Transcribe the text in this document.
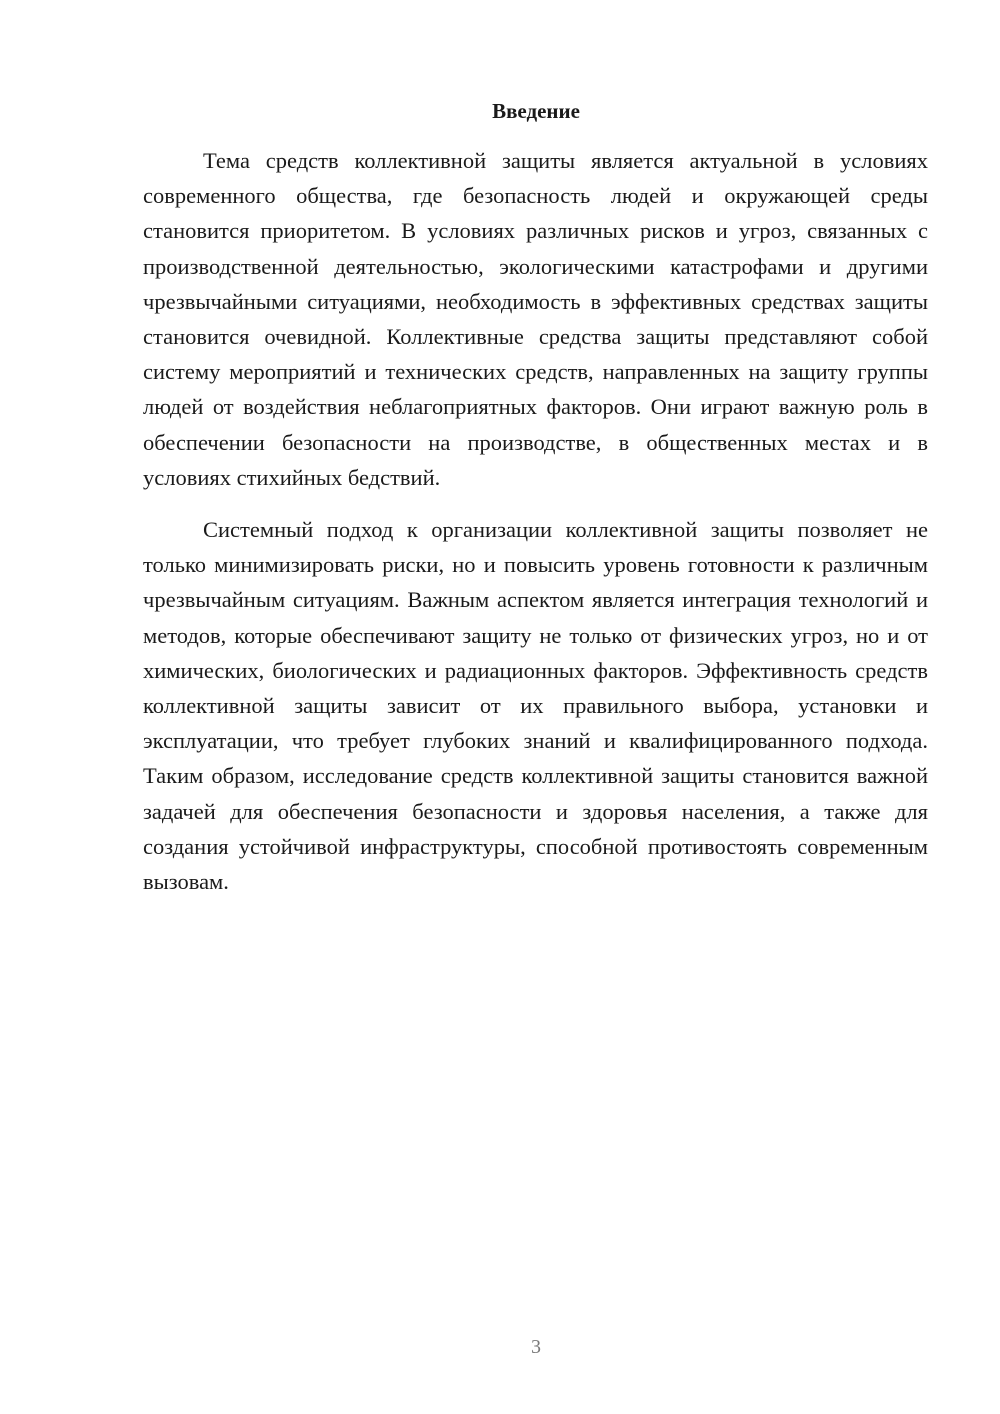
Введение

Тема средств коллективной защиты является актуальной в условиях современного общества, где безопасность людей и окружающей среды становится приоритетом. В условиях различных рисков и угроз, связанных с производственной деятельностью, экологическими катастрофами и другими чрезвычайными ситуациями, необходимость в эффективных средствах защиты становится очевидной. Коллективные средства защиты представляют собой систему мероприятий и технических средств, направленных на защиту группы людей от воздействия неблагоприятных факторов. Они играют важную роль в обеспечении безопасности на производстве, в общественных местах и в условиях стихийных бедствий.

Системный подход к организации коллективной защиты позволяет не только минимизировать риски, но и повысить уровень готовности к различным чрезвычайным ситуациям. Важным аспектом является интеграция технологий и методов, которые обеспечивают защиту не только от физических угроз, но и от химических, биологических и радиационных факторов. Эффективность средств коллективной защиты зависит от их правильного выбора, установки и эксплуатации, что требует глубоких знаний и квалифицированного подхода. Таким образом, исследование средств коллективной защиты становится важной задачей для обеспечения безопасности и здоровья населения, а также для создания устойчивой инфраструктуры, способной противостоять современным вызовам.

3
